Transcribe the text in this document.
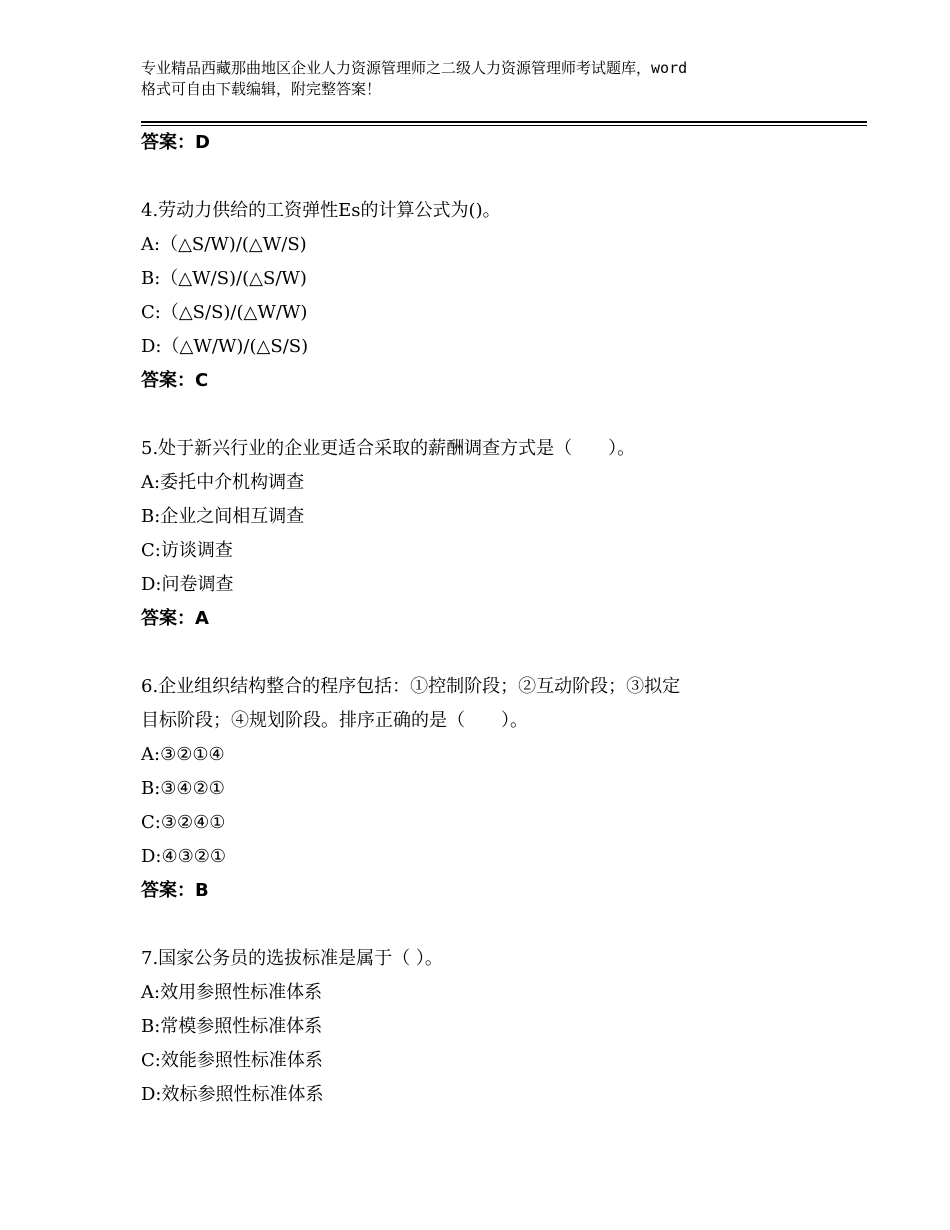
专业精品西藏那曲地区企业人力资源管理师之二级人力资源管理师考试题库，word
格式可自由下载编辑，附完整答案！
答案：D
4.劳动力供给的工资弹性Es的计算公式为()。
A:（△S/W)/(△W/S)
B:（△W/S)/(△S/W)
C:（△S/S)/(△W/W)
D:（△W/W)/(△S/S)
答案：C
5.处于新兴行业的企业更适合采取的薪酬调查方式是（　　）。
A:委托中介机构调查
B:企业之间相互调查
C:访谈调查
D:问卷调查
答案：A
6.企业组织结构整合的程序包括：①控制阶段；②互动阶段；③拟定
目标阶段；④规划阶段。排序正确的是（　　）。
A:③②①④
B:③④②①
C:③②④①
D:④③②①
答案：B
7.国家公务员的选拔标准是属于（ ）。
A:效用参照性标准体系
B:常模参照性标准体系
C:效能参照性标准体系
D:效标参照性标准体系
